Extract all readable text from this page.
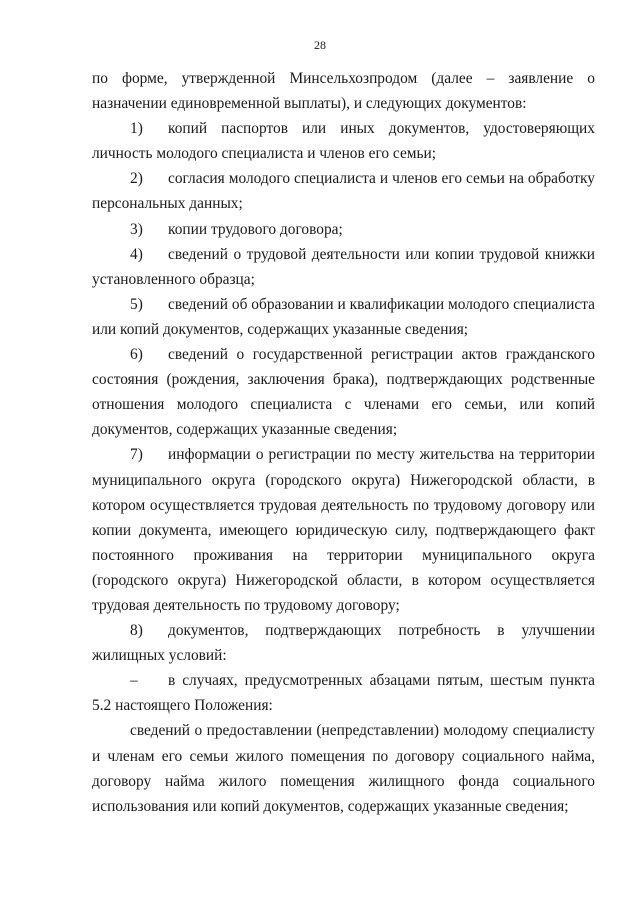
28

по форме, утвержденной Минсельхозпродом (далее – заявление о назначении единовременной выплаты), и следующих документов:

1) копий паспортов или иных документов, удостоверяющих личность молодого специалиста и членов его семьи;

2) согласия молодого специалиста и членов его семьи на обработку персональных данных;

3) копии трудового договора;

4) сведений о трудовой деятельности или копии трудовой книжки установленного образца;

5) сведений об образовании и квалификации молодого специалиста или копий документов, содержащих указанные сведения;

6) сведений о государственной регистрации актов гражданского состояния (рождения, заключения брака), подтверждающих родственные отношения молодого специалиста с членами его семьи, или копий документов, содержащих указанные сведения;

7) информации о регистрации по месту жительства на территории муниципального округа (городского округа) Нижегородской области, в котором осуществляется трудовая деятельность по трудовому договору или копии документа, имеющего юридическую силу, подтверждающего факт постоянного проживания на территории муниципального округа (городского округа) Нижегородской области, в котором осуществляется трудовая деятельность по трудовому договору;

8) документов, подтверждающих потребность в улучшении жилищных условий:

– в случаях, предусмотренных абзацами пятым, шестым пункта 5.2 настоящего Положения:

сведений о предоставлении (непредставлении) молодому специалисту и членам его семьи жилого помещения по договору социального найма, договору найма жилого помещения жилищного фонда социального использования или копий документов, содержащих указанные сведения;
